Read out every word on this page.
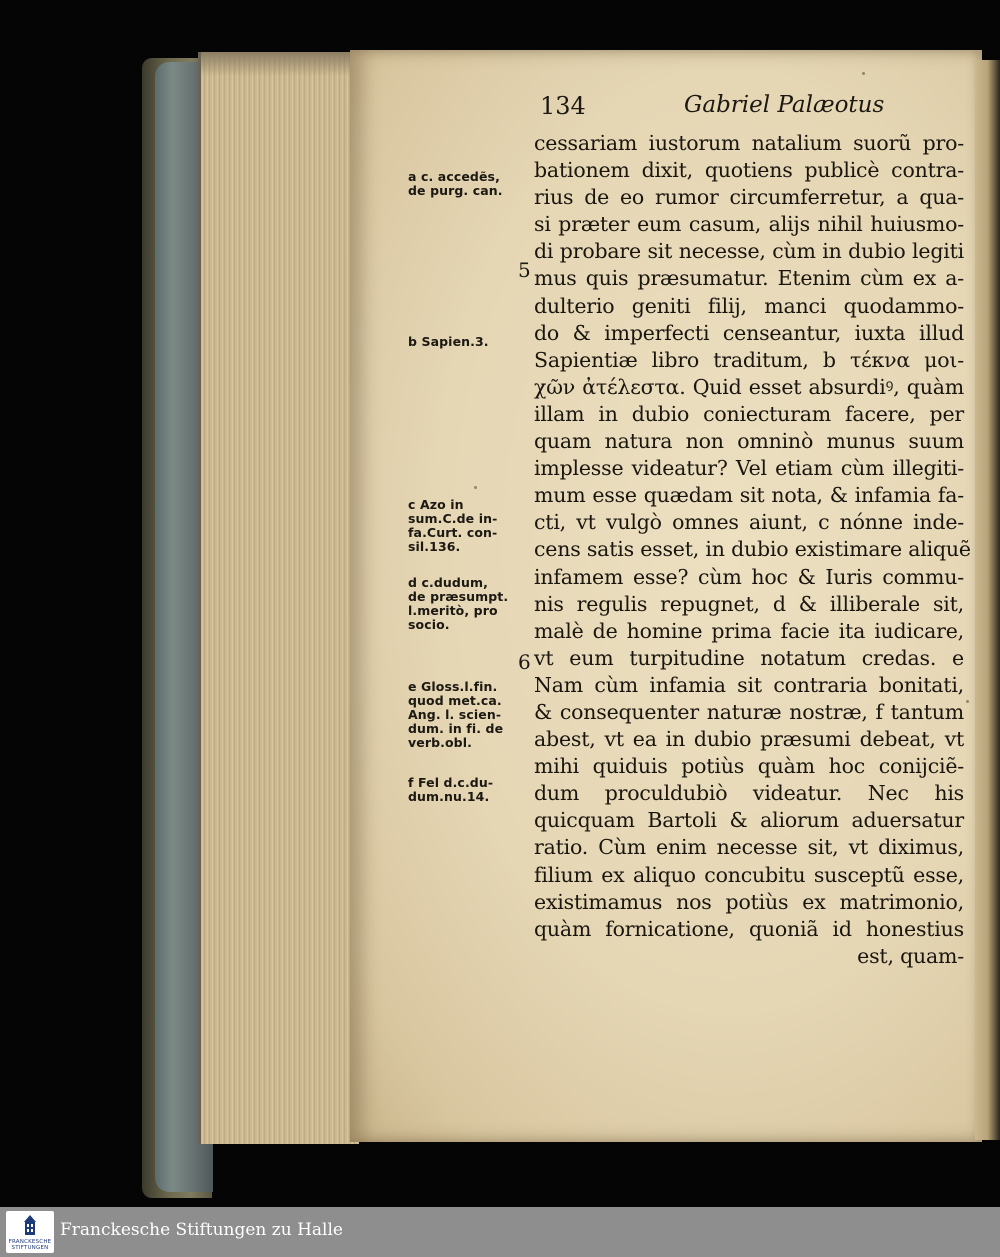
134	Gabriel Palæotus
cessariam iustorum natalium suorũ pro-
bationem dixit, quotiens publicè contra-
rius de eo rumor circumferretur, a qua-
si præter eum casum, alijs nihil huiusmo-
di probare sit necesse, cùm in dubio legiti
mus quis præsumatur. Etenim cùm ex a-
dulterio geniti filij, manci quodammo-
do & imperfecti censeantur, iuxta illud
Sapientiæ libro traditum, b τέκνα μοι-
χῶν ἀτέλεστα. Quid esset absurdiꝰ, quàm
illam in dubio coniecturam facere, per
quam natura non omninò munus suum
implesse videatur? Vel etiam cùm illegiti-
mum esse quædam sit nota, & infamia fa-
cti, vt vulgò omnes aiunt, c nónne inde-
cens satis esset, in dubio existimare aliquẽ
infamem esse? cùm hoc & Iuris commu-
nis regulis repugnet, d & illiberale sit,
malè de homine prima facie ita iudicare,
vt eum turpitudine notatum credas. e
Nam cùm infamia sit contraria bonitati,
& consequenter naturæ nostræ, f tantum
abest, vt ea in dubio præsumi debeat, vt
mihi quiduis potiùs quàm hoc conijciẽ-
dum proculdubiò videatur. Nec his
quicquam Bartoli & aliorum aduersatur
ratio. Cùm enim necesse sit, vt diximus,
filium ex aliquo concubitu susceptũ esse,
existimamus nos potiùs ex matrimonio,
quàm fornicatione, quoniã id honestius
est, quam-
a c. accedẽs,
de purg. can.
b Sapien.3.
c Azo in
sum.C.de in-
fa.Curt. con-
sil.136.
d c.dudum,
de præsumpt.
l.meritò, pro
socio.
e Gloss.l.fin.
quod met.ca.
Ang. l. scien-
dum. in fi. de
verb.obl.
f Fel d.c.du-
dum.nu.14.
5
6
FRANCKESCHE
STIFTUNGEN
Franckesche Stiftungen zu Halle
